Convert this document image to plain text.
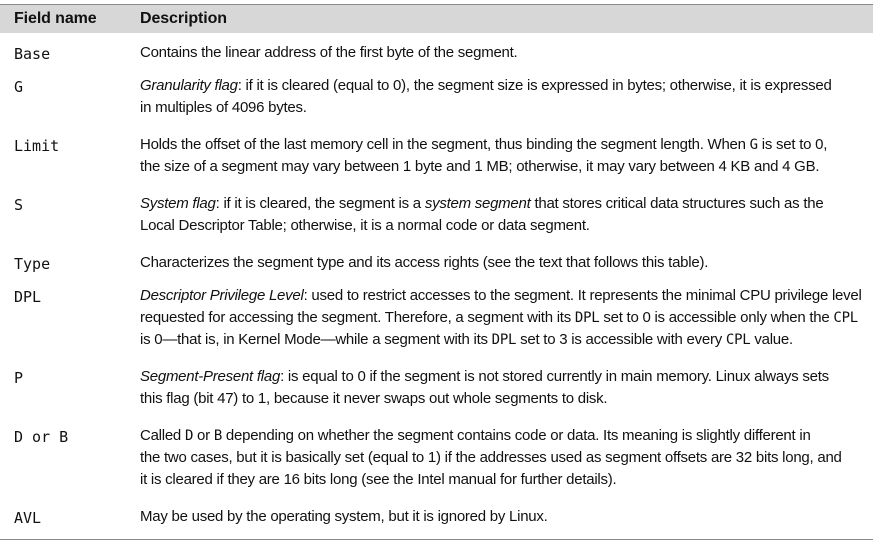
Field name	Description
Base	Contains the linear address of the first byte of the segment.
G	Granularity flag: if it is cleared (equal to 0), the segment size is expressed in bytes; otherwise, it is expressed
in multiples of 4096 bytes.
Limit	Holds the offset of the last memory cell in the segment, thus binding the segment length. When G is set to 0,
the size of a segment may vary between 1 byte and 1 MB; otherwise, it may vary between 4 KB and 4 GB.
S	System flag: if it is cleared, the segment is a system segment that stores critical data structures such as the
Local Descriptor Table; otherwise, it is a normal code or data segment.
Type	Characterizes the segment type and its access rights (see the text that follows this table).
DPL	Descriptor Privilege Level: used to restrict accesses to the segment. It represents the minimal CPU privilege level
requested for accessing the segment. Therefore, a segment with its DPL set to 0 is accessible only when the CPL
is 0—that is, in Kernel Mode—while a segment with its DPL set to 3 is accessible with every CPL value.
P	Segment-Present flag: is equal to 0 if the segment is not stored currently in main memory. Linux always sets
this flag (bit 47) to 1, because it never swaps out whole segments to disk.
D or B	Called D or B depending on whether the segment contains code or data. Its meaning is slightly different in
the two cases, but it is basically set (equal to 1) if the addresses used as segment offsets are 32 bits long, and
it is cleared if they are 16 bits long (see the Intel manual for further details).
AVL	May be used by the operating system, but it is ignored by Linux.
